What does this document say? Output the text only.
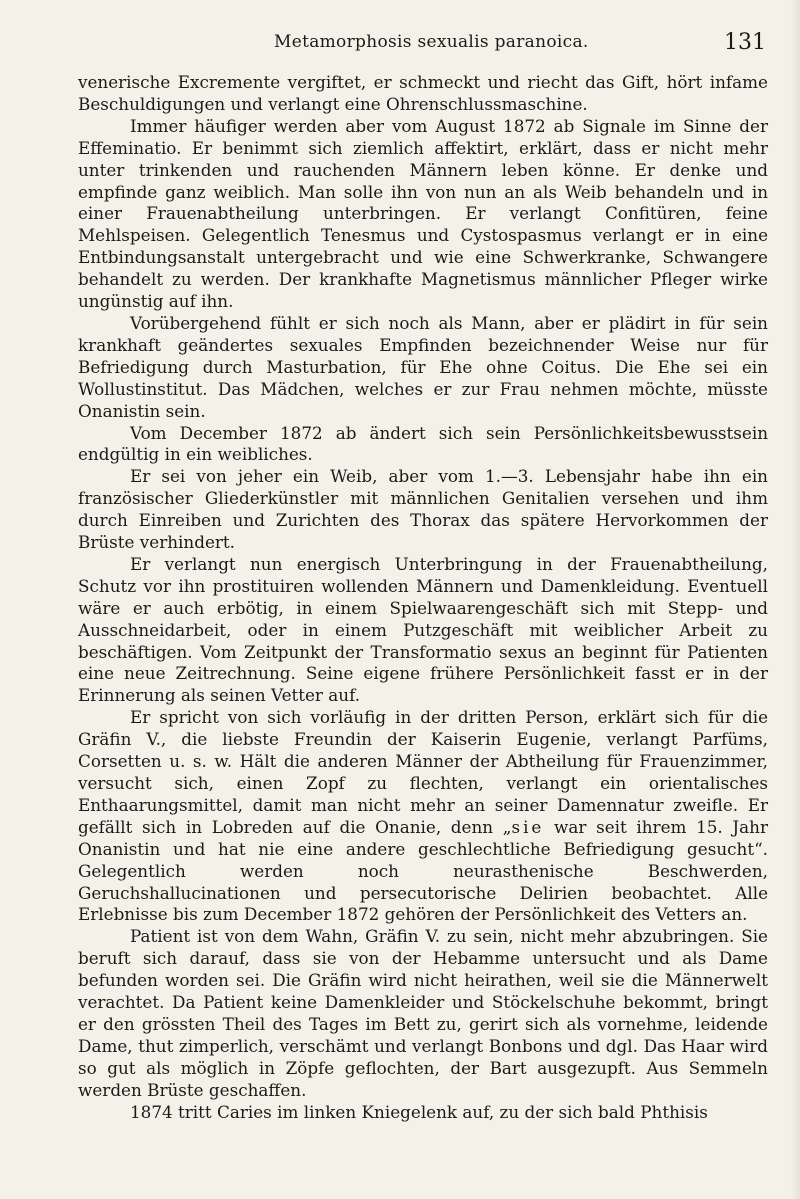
Metamorphosis sexualis paranoica.	131

venerische Excremente vergiftet, er schmeckt und riecht das Gift, hört infame Beschuldigungen und verlangt eine Ohrenschlussmaschine.

Immer häufiger werden aber vom August 1872 ab Signale im Sinne der Effeminatio. Er benimmt sich ziemlich affektirt, erklärt, dass er nicht mehr unter trinkenden und rauchenden Männern leben könne. Er denke und empfinde ganz weiblich. Man solle ihn von nun an als Weib behandeln und in einer Frauenabtheilung unterbringen. Er verlangt Confitüren, feine Mehlspeisen. Gelegentlich Tenesmus und Cystospasmus verlangt er in eine Entbindungsanstalt untergebracht und wie eine Schwerkranke, Schwangere behandelt zu werden. Der krankhafte Magnetismus männlicher Pfleger wirke ungünstig auf ihn.

Vorübergehend fühlt er sich noch als Mann, aber er plädirt in für sein krankhaft geändertes sexuales Empfinden bezeichnender Weise nur für Befriedigung durch Masturbation, für Ehe ohne Coitus. Die Ehe sei ein Wollustinstitut. Das Mädchen, welches er zur Frau nehmen möchte, müsste Onanistin sein.

Vom December 1872 ab ändert sich sein Persönlichkeitsbewusstsein endgültig in ein weibliches.

Er sei von jeher ein Weib, aber vom 1.—3. Lebensjahr habe ihn ein französischer Gliederkünstler mit männlichen Genitalien versehen und ihm durch Einreiben und Zurichten des Thorax das spätere Hervorkommen der Brüste verhindert.

Er verlangt nun energisch Unterbringung in der Frauenabtheilung, Schutz vor ihn prostituiren wollenden Männern und Damenkleidung. Eventuell wäre er auch erbötig, in einem Spielwaarengeschäft sich mit Stepp- und Ausschneidarbeit, oder in einem Putzgeschäft mit weiblicher Arbeit zu beschäftigen. Vom Zeitpunkt der Transformatio sexus an beginnt für Patienten eine neue Zeitrechnung. Seine eigene frühere Persönlichkeit fasst er in der Erinnerung als seinen Vetter auf.

Er spricht von sich vorläufig in der dritten Person, erklärt sich für die Gräfin V., die liebste Freundin der Kaiserin Eugenie, verlangt Parfüms, Corsetten u. s. w. Hält die anderen Männer der Abtheilung für Frauenzimmer, versucht sich, einen Zopf zu flechten, verlangt ein orientalisches Enthaarungsmittel, damit man nicht mehr an seiner Damennatur zweifle. Er gefällt sich in Lobreden auf die Onanie, denn „sie war seit ihrem 15. Jahr Onanistin und hat nie eine andere geschlechtliche Befriedigung gesucht“. Gelegentlich werden noch neurasthenische Beschwerden, Geruchshallucinationen und persecutorische Delirien beobachtet. Alle Erlebnisse bis zum December 1872 gehören der Persönlichkeit des Vetters an.

Patient ist von dem Wahn, Gräfin V. zu sein, nicht mehr abzubringen. Sie beruft sich darauf, dass sie von der Hebamme untersucht und als Dame befunden worden sei. Die Gräfin wird nicht heirathen, weil sie die Männerwelt verachtet. Da Patient keine Damenkleider und Stöckelschuhe bekommt, bringt er den grössten Theil des Tages im Bett zu, gerirt sich als vornehme, leidende Dame, thut zimperlich, verschämt und verlangt Bonbons und dgl. Das Haar wird so gut als möglich in Zöpfe geflochten, der Bart ausgezupft. Aus Semmeln werden Brüste geschaffen.

1874 tritt Caries im linken Kniegelenk auf, zu der sich bald Phthisis
